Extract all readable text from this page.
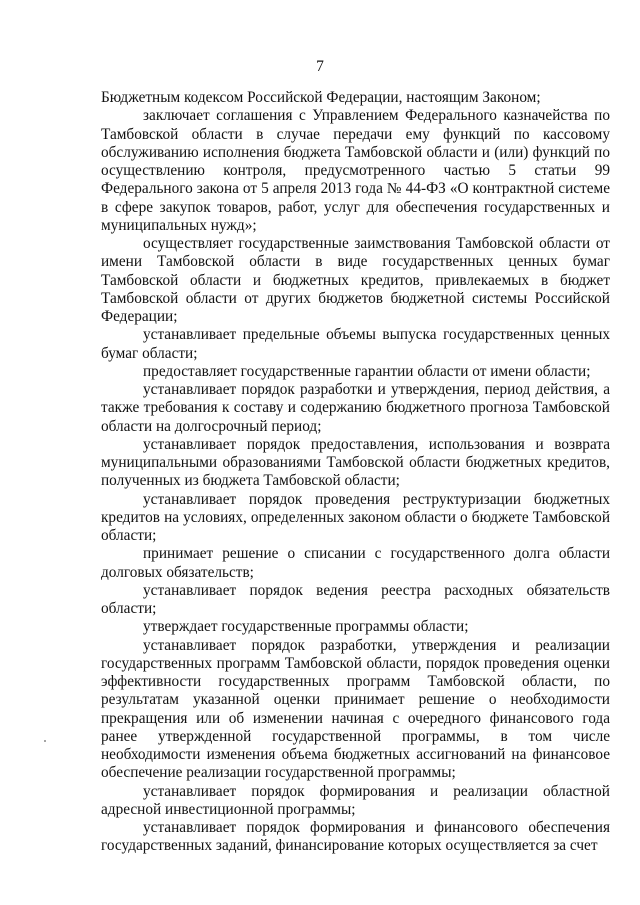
7

Бюджетным кодексом Российской Федерации, настоящим Законом;

заключает соглашения с Управлением Федерального казначейства по Тамбовской области в случае передачи ему функций по кассовому обслуживанию исполнения бюджета Тамбовской области и (или) функций по осуществлению контроля, предусмотренного частью 5 статьи 99 Федерального закона от 5 апреля 2013 года № 44-ФЗ «О контрактной системе в сфере закупок товаров, работ, услуг для обеспечения государственных и муниципальных нужд»;

осуществляет государственные заимствования Тамбовской области от имени Тамбовской области в виде государственных ценных бумаг Тамбовской области и бюджетных кредитов, привлекаемых в бюджет Тамбовской области от других бюджетов бюджетной системы Российской Федерации;

устанавливает предельные объемы выпуска государственных ценных бумаг области;

предоставляет государственные гарантии области от имени области;

устанавливает порядок разработки и утверждения, период действия, а также требования к составу и содержанию бюджетного прогноза Тамбовской области на долгосрочный период;

устанавливает порядок предоставления, использования и возврата муниципальными образованиями Тамбовской области бюджетных кредитов, полученных из бюджета Тамбовской области;

устанавливает порядок проведения реструктуризации бюджетных кредитов на условиях, определенных законом области о бюджете Тамбовской области;

принимает решение о списании с государственного долга области долговых обязательств;

устанавливает порядок ведения реестра расходных обязательств области;

утверждает государственные программы области;

устанавливает порядок разработки, утверждения и реализации государственных программ Тамбовской области, порядок проведения оценки эффективности государственных программ Тамбовской области, по результатам указанной оценки принимает решение о необходимости прекращения или об изменении начиная с очередного финансового года ранее утвержденной государственной программы, в том числе необходимости изменения объема бюджетных ассигнований на финансовое обеспечение реализации государственной программы;

устанавливает порядок формирования и реализации областной адресной инвестиционной программы;

устанавливает порядок формирования и финансового обеспечения государственных заданий, финансирование которых осуществляется за счет
